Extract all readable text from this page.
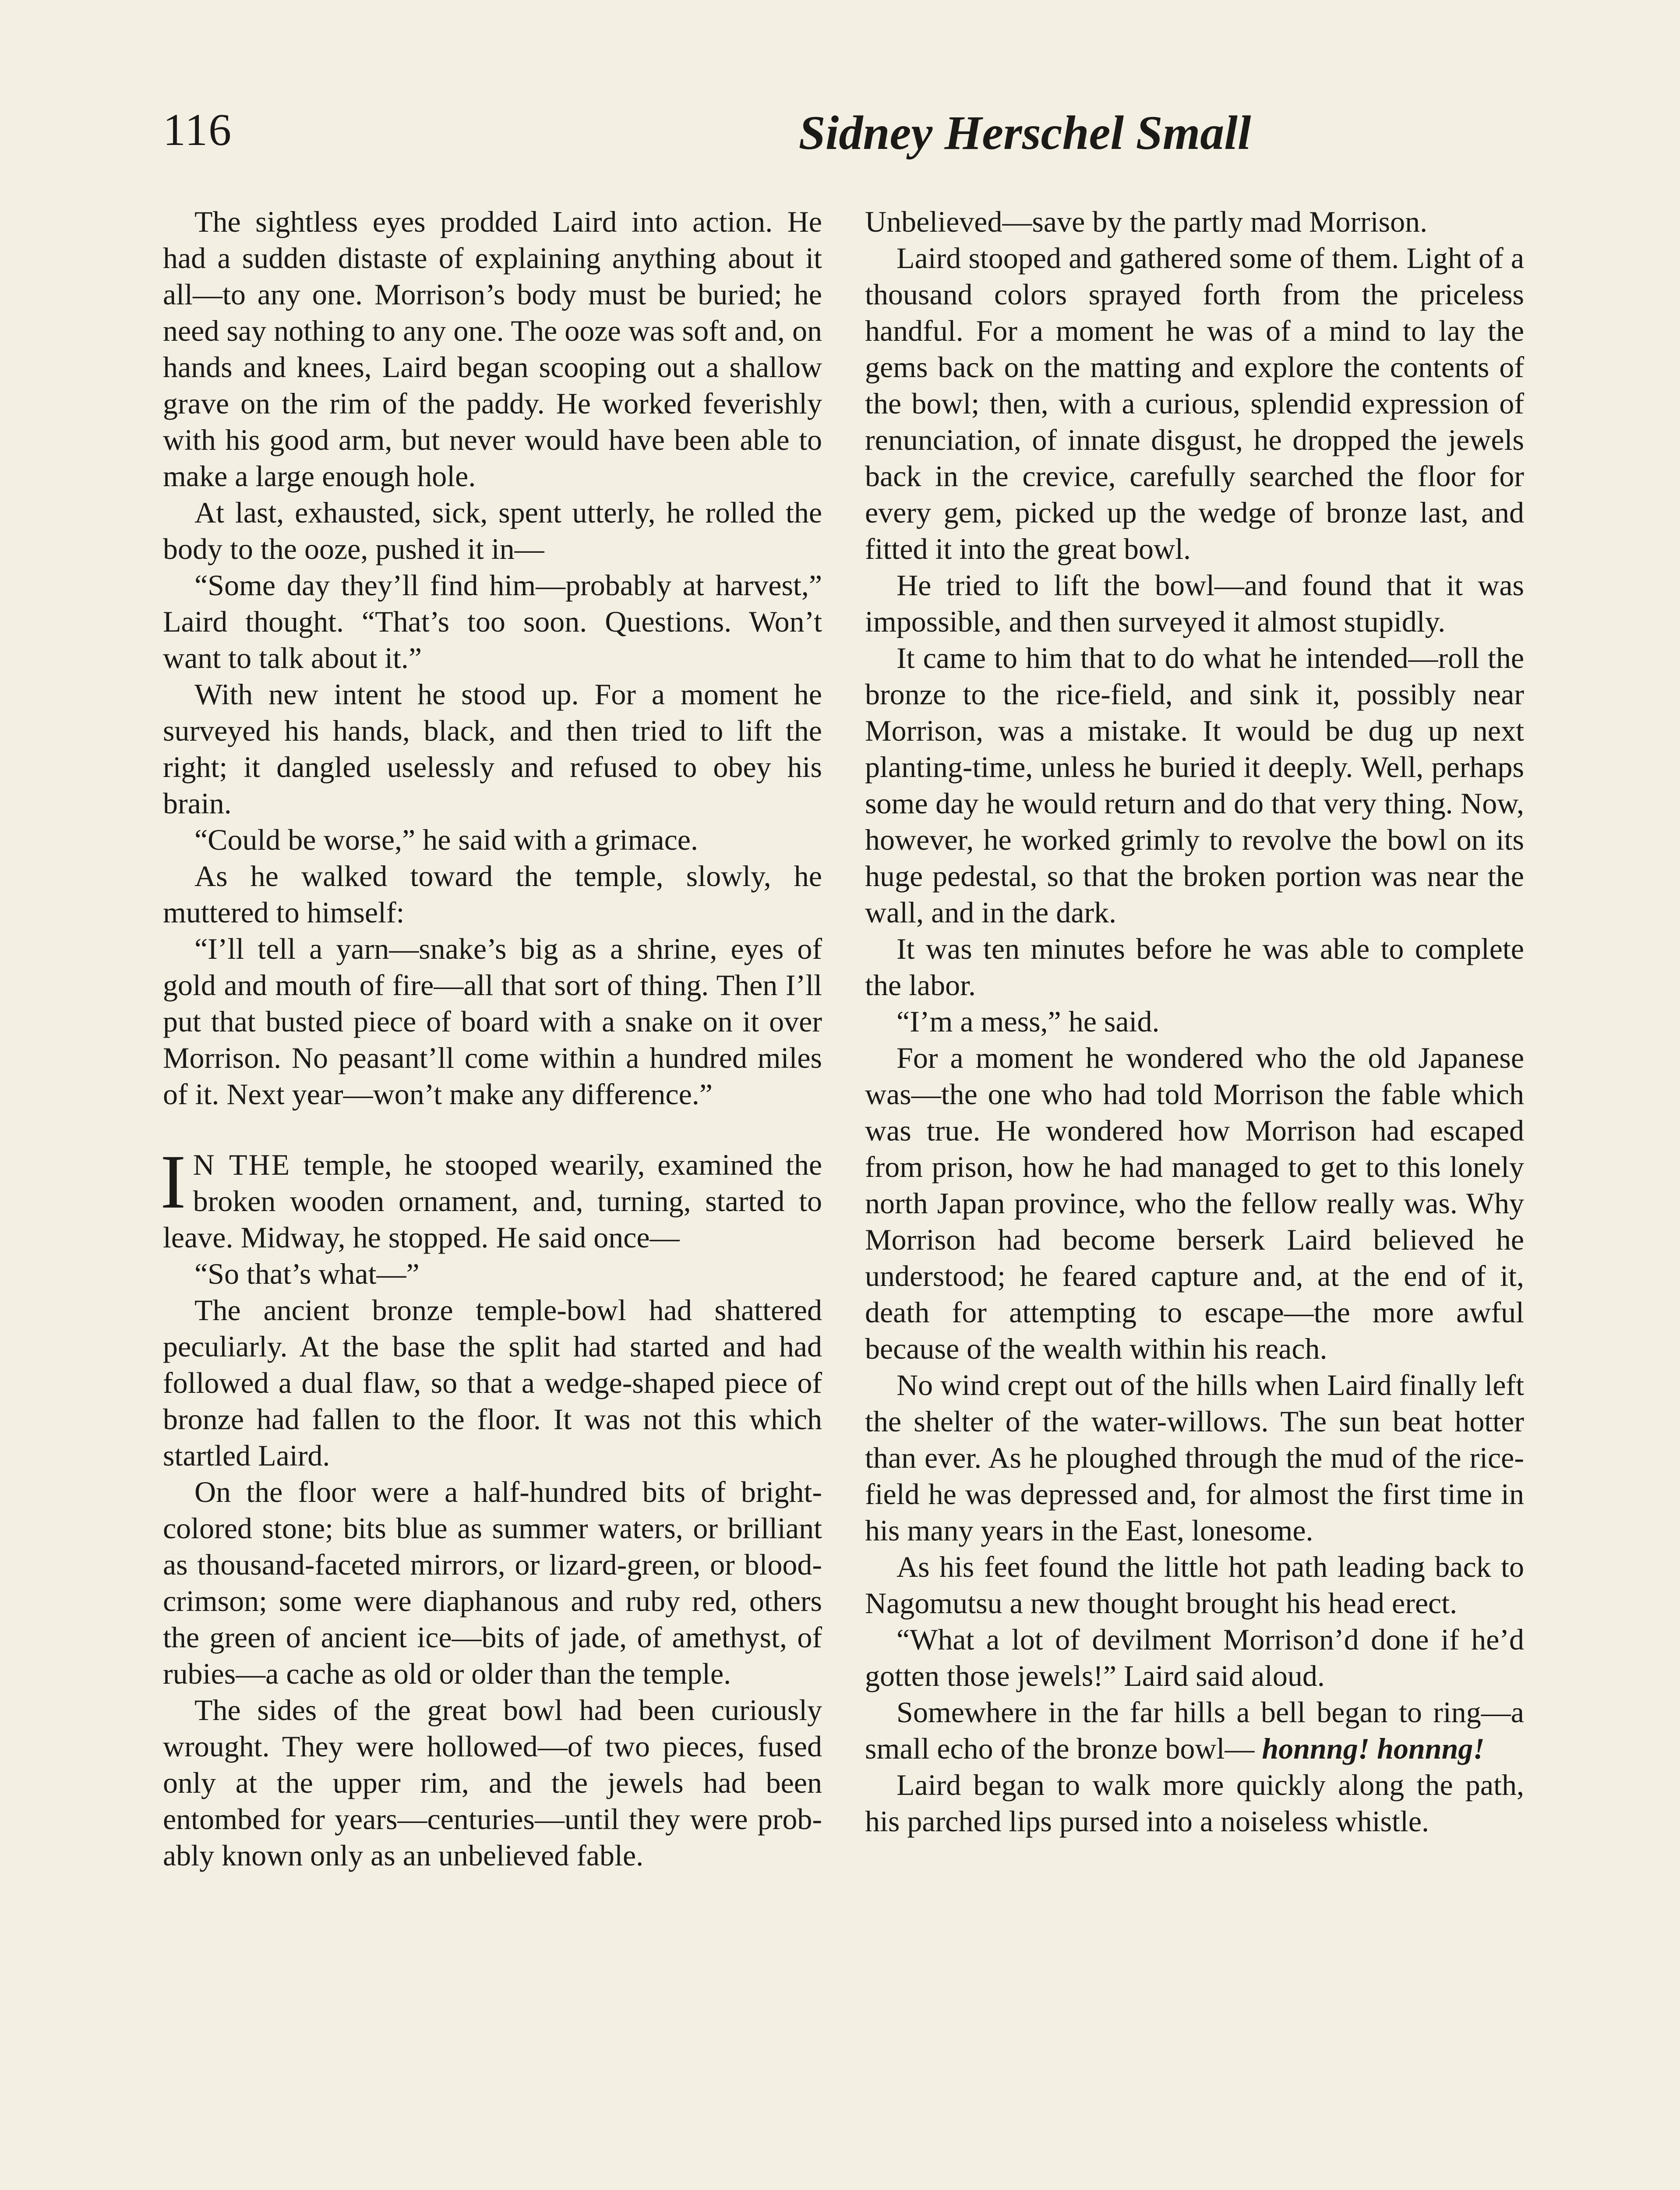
116	Sidney Herschel Small

The sightless eyes prodded Laird into action. He had a sudden distaste of explaining anything about it all—to any one. Morrison’s body must be buried; he need say nothing to any one. The ooze was soft and, on hands and knees, Laird began scooping out a shallow grave on the rim of the paddy. He worked feverishly with his good arm, but never would have been able to make a large enough hole.

At last, exhausted, sick, spent utterly, he rolled the body to the ooze, pushed it in—

“Some day they’ll find him—probably at harvest,” Laird thought. “That’s too soon. Questions. Won’t want to talk about it.”

With new intent he stood up. For a moment he surveyed his hands, black, and then tried to lift the right; it dangled uselessly and refused to obey his brain.

“Could be worse,” he said with a grimace.

As he walked toward the temple, slowly, he muttered to himself:

“I’ll tell a yarn—snake’s big as a shrine, eyes of gold and mouth of fire—all that sort of thing. Then I’ll put that busted piece of board with a snake on it over Morrison. No peasant’ll come within a hundred miles of it. Next year—won’t make any difference.”

I N THE temple, he stooped wearily, examined the broken wooden ornament, and, turning, started to leave. Midway, he stopped. He said once—

“So that’s what—”

The ancient bronze temple-bowl had shattered peculiarly. At the base the split had started and had followed a dual flaw, so that a wedge-shaped piece of bronze had fallen to the floor. It was not this which startled Laird.

On the floor were a half-hundred bits of bright-colored stone; bits blue as summer waters, or brilliant as thousand-faceted mirrors, or lizard-green, or blood-crimson; some were diaphanous and ruby red, others the green of ancient ice—bits of jade, of amethyst, of rubies—a cache as old or older than the temple.

The sides of the great bowl had been curiously wrought. They were hollowed—of two pieces, fused only at the upper rim, and the jewels had been entombed for years—centuries—until they were probably known only as an unbelieved fable.

Unbelieved—save by the partly mad Morrison.

Laird stooped and gathered some of them. Light of a thousand colors sprayed forth from the priceless handful. For a moment he was of a mind to lay the gems back on the matting and explore the contents of the bowl; then, with a curious, splendid expression of renunciation, of innate disgust, he dropped the jewels back in the crevice, carefully searched the floor for every gem, picked up the wedge of bronze last, and fitted it into the great bowl.

He tried to lift the bowl—and found that it was impossible, and then surveyed it almost stupidly.

It came to him that to do what he intended—roll the bronze to the rice-field, and sink it, possibly near Morrison, was a mistake. It would be dug up next planting-time, unless he buried it deeply. Well, perhaps some day he would return and do that very thing. Now, however, he worked grimly to revolve the bowl on its huge pedestal, so that the broken portion was near the wall, and in the dark.

It was ten minutes before he was able to complete the labor.

“I’m a mess,” he said.

For a moment he wondered who the old Japanese was—the one who had told Morrison the fable which was true. He wondered how Morrison had escaped from prison, how he had managed to get to this lonely north Japan province, who the fellow really was. Why Morrison had become berserk Laird believed he understood; he feared capture and, at the end of it, death for attempting to escape—the more awful because of the wealth within his reach.

No wind crept out of the hills when Laird finally left the shelter of the water-willows. The sun beat hotter than ever. As he ploughed through the mud of the rice-field he was depressed and, for almost the first time in his many years in the East, lonesome.

As his feet found the little hot path leading back to Nagomutsu a new thought brought his head erect.

“What a lot of devilment Morrison’d done if he’d gotten those jewels!” Laird said aloud.

Somewhere in the far hills a bell began to ring—a small echo of the bronze bowl— honnng! honnng!

Laird began to walk more quickly along the path, his parched lips pursed into a noiseless whistle.
